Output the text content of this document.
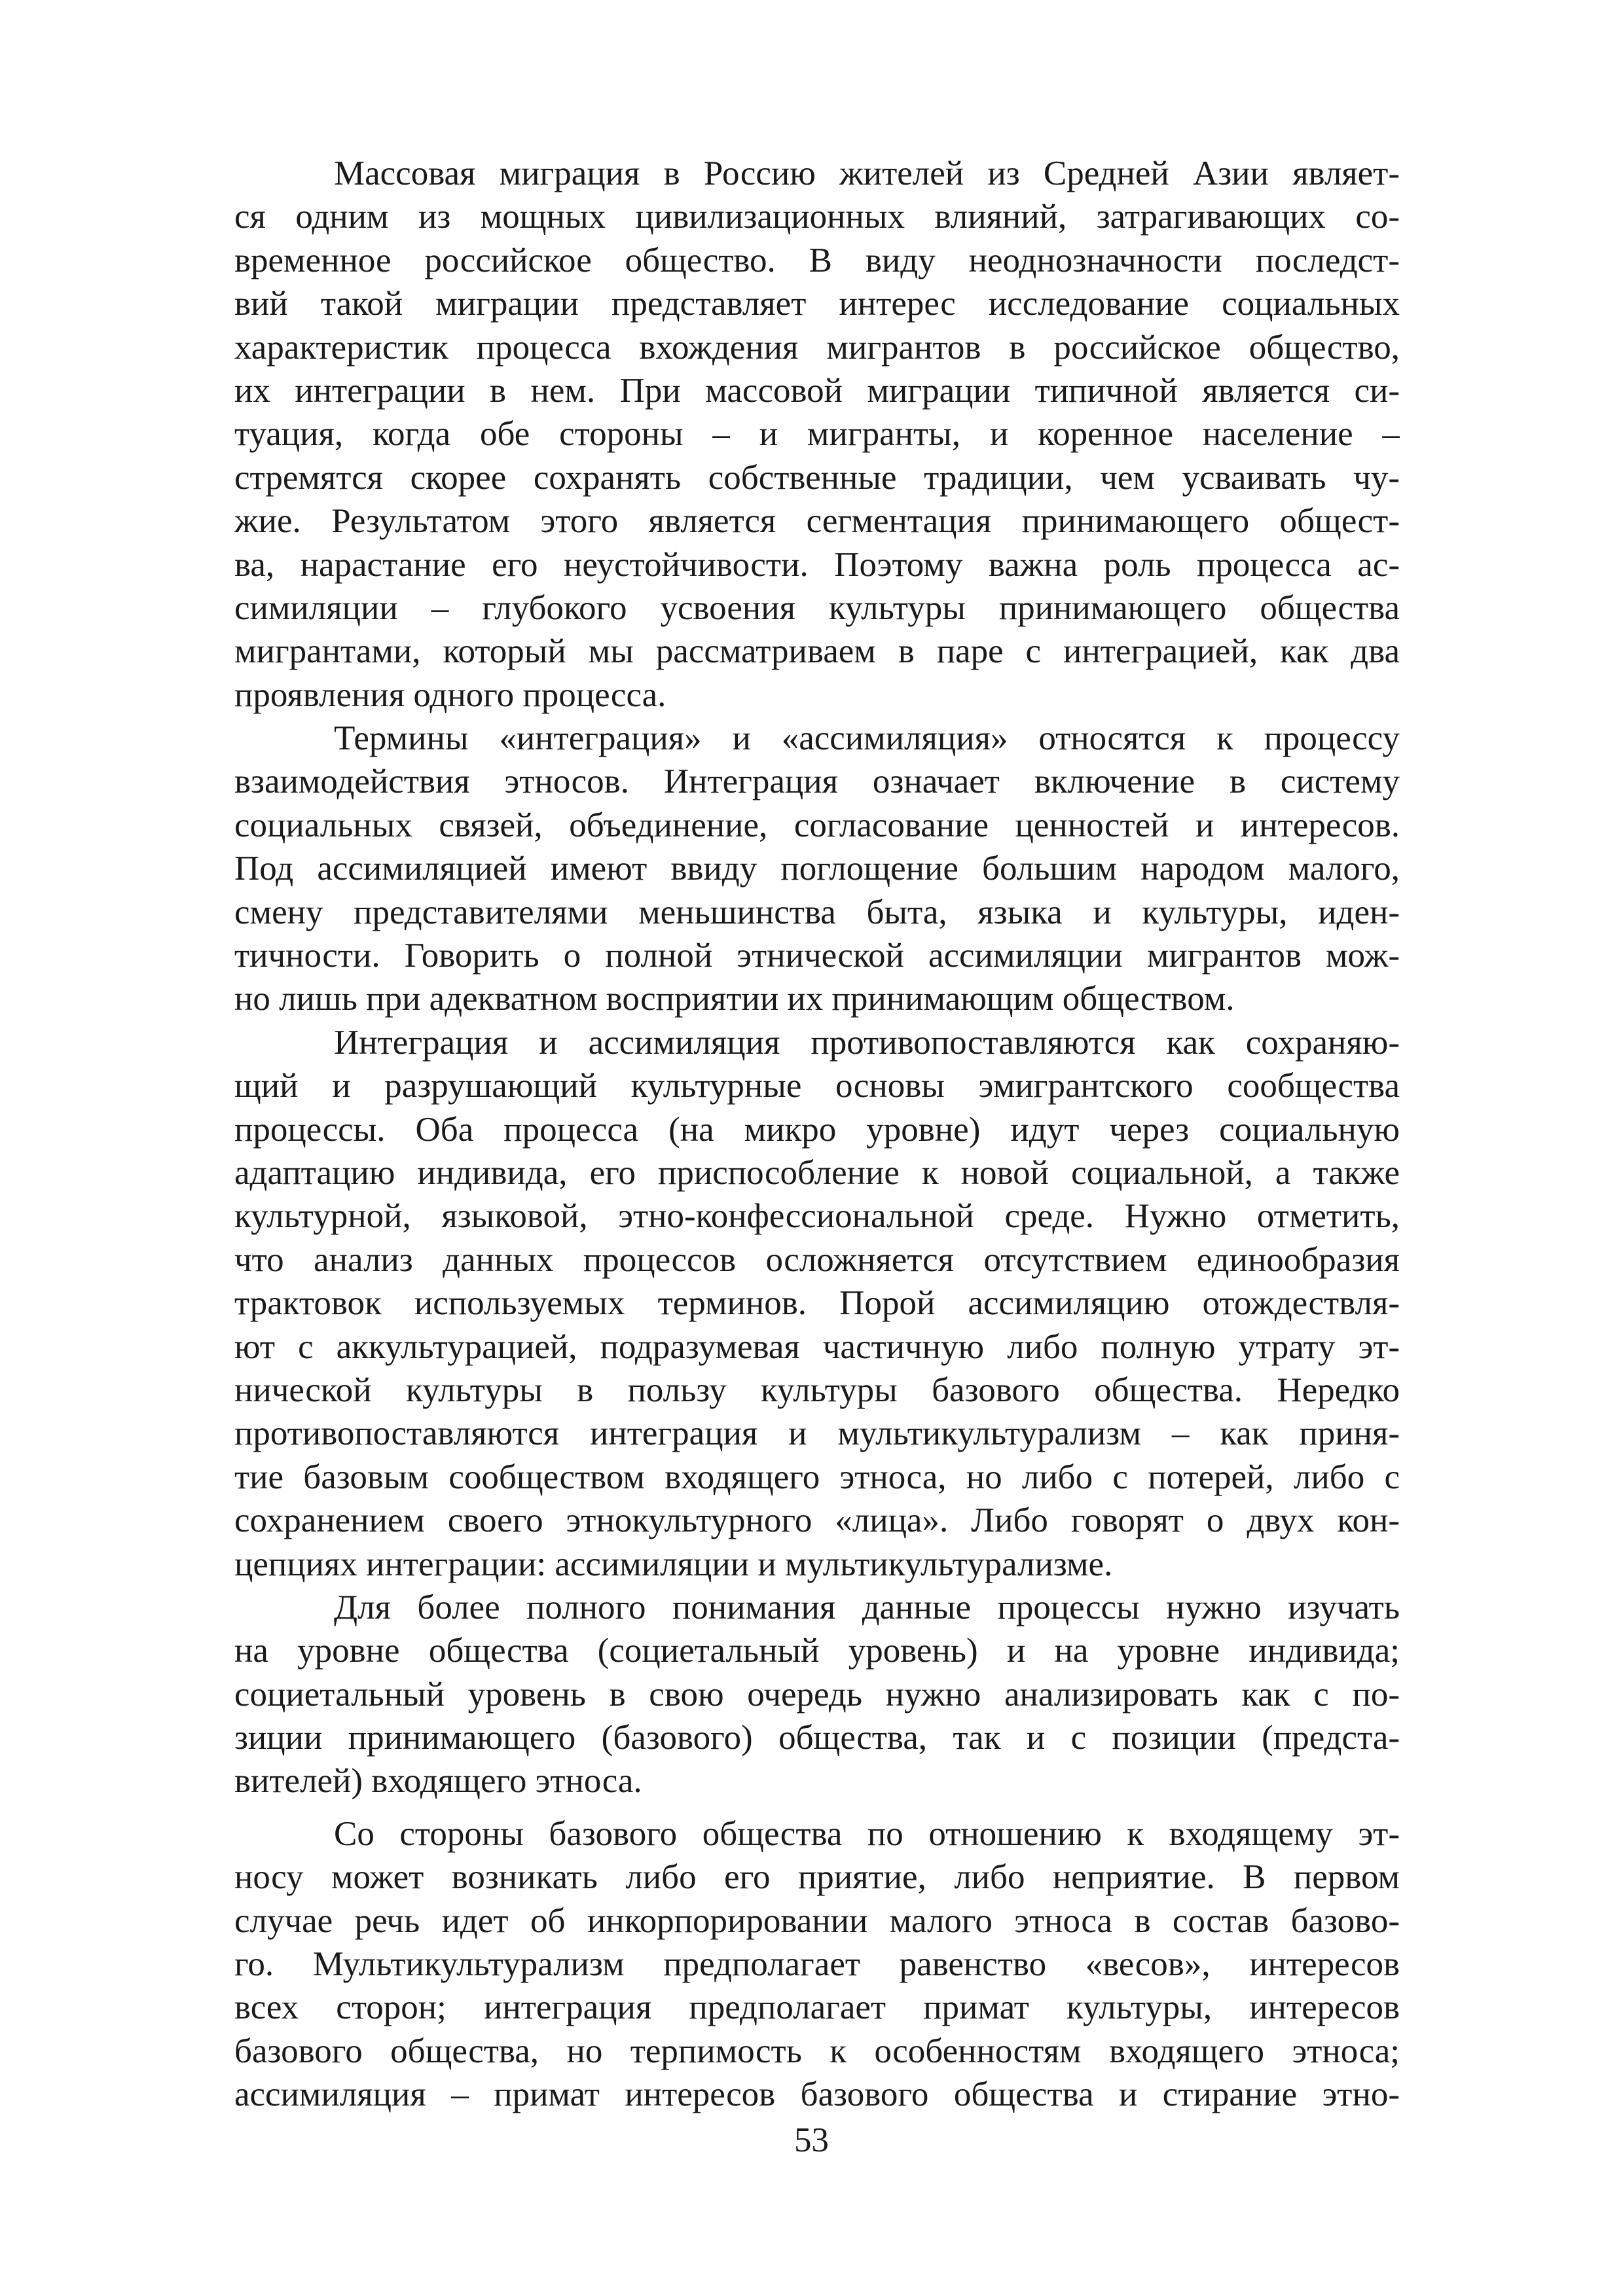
Массовая миграция в Россию жителей из Средней Азии являет-
ся одним из мощных цивилизационных влияний, затрагивающих со-
временное российское общество. В виду неоднозначности последст-
вий такой миграции представляет интерес исследование социальных
характеристик процесса вхождения мигрантов в российское общество,
их интеграции в нем. При массовой миграции типичной является си-
туация, когда обе стороны – и мигранты, и коренное население –
стремятся скорее сохранять собственные традиции, чем усваивать чу-
жие. Результатом этого является сегментация принимающего общест-
ва, нарастание его неустойчивости. Поэтому важна роль процесса ас-
симиляции – глубокого усвоения культуры принимающего общества
мигрантами, который мы рассматриваем в паре с интеграцией, как два
проявления одного процесса.

Термины «интеграция» и «ассимиляция» относятся к процессу
взаимодействия этносов. Интеграция означает включение в систему
социальных связей, объединение, согласование ценностей и интересов.
Под ассимиляцией имеют ввиду поглощение большим народом малого,
смену представителями меньшинства быта, языка и культуры, иден-
тичности. Говорить о полной этнической ассимиляции мигрантов мож-
но лишь при адекватном восприятии их принимающим обществом.

Интеграция и ассимиляция противопоставляются как сохраняю-
щий и разрушающий культурные основы эмигрантского сообщества
процессы. Оба процесса (на микро уровне) идут через социальную
адаптацию индивида, его приспособление к новой социальной, а также
культурной, языковой, этно-конфессиональной среде. Нужно отметить,
что анализ данных процессов осложняется отсутствием единообразия
трактовок используемых терминов. Порой ассимиляцию отождествля-
ют с аккультурацией, подразумевая частичную либо полную утрату эт-
нической культуры в пользу культуры базового общества. Нередко
противопоставляются интеграция и мультикультурализм – как приня-
тие базовым сообществом входящего этноса, но либо с потерей, либо с
сохранением своего этнокультурного «лица». Либо говорят о двух кон-
цепциях интеграции: ассимиляции и мультикультурализме.

Для более полного понимания данные процессы нужно изучать
на уровне общества (социетальный уровень) и на уровне индивида;
социетальный уровень в свою очередь нужно анализировать как с по-
зиции принимающего (базового) общества, так и с позиции (предста-
вителей) входящего этноса.

Со стороны базового общества по отношению к входящему эт-
носу может возникать либо его приятие, либо неприятие. В первом
случае речь идет об инкорпорировании малого этноса в состав базово-
го. Мультикультурализм предполагает равенство «весов», интересов
всех сторон; интеграция предполагает примат культуры, интересов
базового общества, но терпимость к особенностям входящего этноса;
ассимиляция – примат интересов базового общества и стирание этно-

53
